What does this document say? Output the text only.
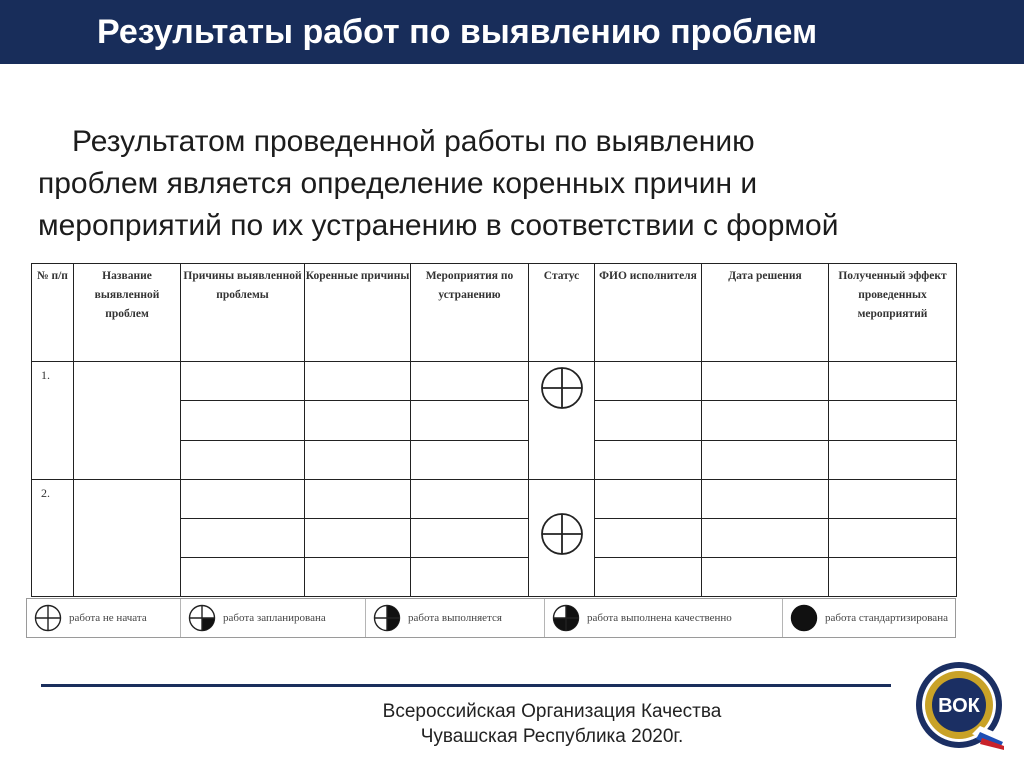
Результаты работ по выявлению проблем
Результатом проведенной работы по выявлению
проблем является определение коренных причин и
мероприятий по их устранению в соответствии с формой
№ п/п	Название выявленной проблем	Причины выявленной проблемы	Коренные причины	Мероприятия по устранению	Статус	ФИО исполнителя	Дата решения	Полученный эффект проведенных мероприятий
1.								

2.								

работа не начата	работа запланирована	работа выполняется	работа выполнена качественно	работа стандартизирована
Всероссийская Организация Качества
Чувашская Республика 2020г.
ВОК
